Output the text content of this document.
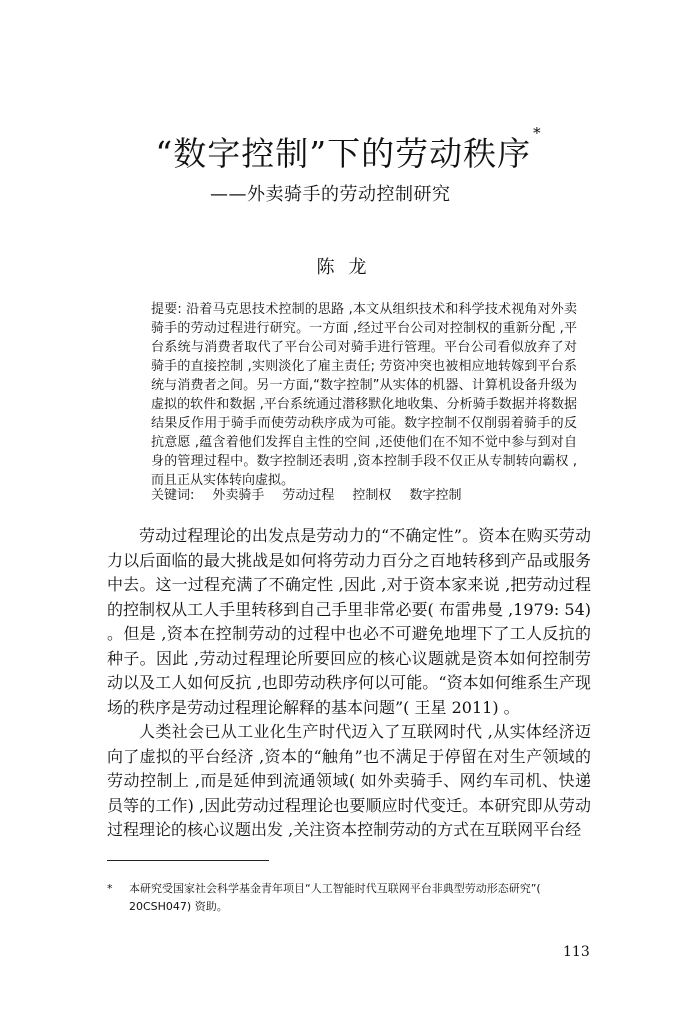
“数字控制”下的劳动秩序*
——外卖骑手的劳动控制研究
陈龙
提要: 沿着马克思技术控制的思路 ,本文从组织技术和科学技术视角对外卖骑手的劳动过程进行研究。一方面 ,经过平台公司对控制权的重新分配 ,平台系统与消费者取代了平台公司对骑手进行管理。平台公司看似放弃了对骑手的直接控制 ,实则淡化了雇主责任; 劳资冲突也被相应地转嫁到平台系统与消费者之间。另一方面,“数字控制”从实体的机器、计算机设备升级为虚拟的软件和数据 ,平台系统通过潜移默化地收集、分析骑手数据并将数据结果反作用于骑手而使劳动秩序成为可能。数字控制不仅削弱着骑手的反抗意愿 ,蕴含着他们发挥自主性的空间 ,还使他们在不知不觉中参与到对自身的管理过程中。数字控制还表明 ,资本控制手段不仅正从专制转向霸权 ,而且正从实体转向虚拟。
关键词: 外卖骑手 劳动过程 控制权 数字控制

劳动过程理论的出发点是劳动力的“不确定性”。资本在购买劳动力以后面临的最大挑战是如何将劳动力百分之百地转移到产品或服务中去。这一过程充满了不确定性 ,因此 ,对于资本家来说 ,把劳动过程的控制权从工人手里转移到自己手里非常必要( 布雷弗曼 ,1979: 54) 。但是 ,资本在控制劳动的过程中也必不可避免地埋下了工人反抗的种子。因此 ,劳动过程理论所要回应的核心议题就是资本如何控制劳动以及工人如何反抗 ,也即劳动秩序何以可能。“资本如何维系生产现场的秩序是劳动过程理论解释的基本问题”( 王星 2011) 。

人类社会已从工业化生产时代迈入了互联网时代 ,从实体经济迈向了虚拟的平台经济 ,资本的“触角”也不满足于停留在对生产领域的劳动控制上 ,而是延伸到流通领域( 如外卖骑手、网约车司机、快递员等的工作) ,因此劳动过程理论也要顺应时代变迁。本研究即从劳动过程理论的核心议题出发 ,关注资本控制劳动的方式在互联网平台经

*	本研究受国家社会科学基金青年项目“人工智能时代互联网平台非典型劳动形态研究”( 20CSH047) 资助。
113
